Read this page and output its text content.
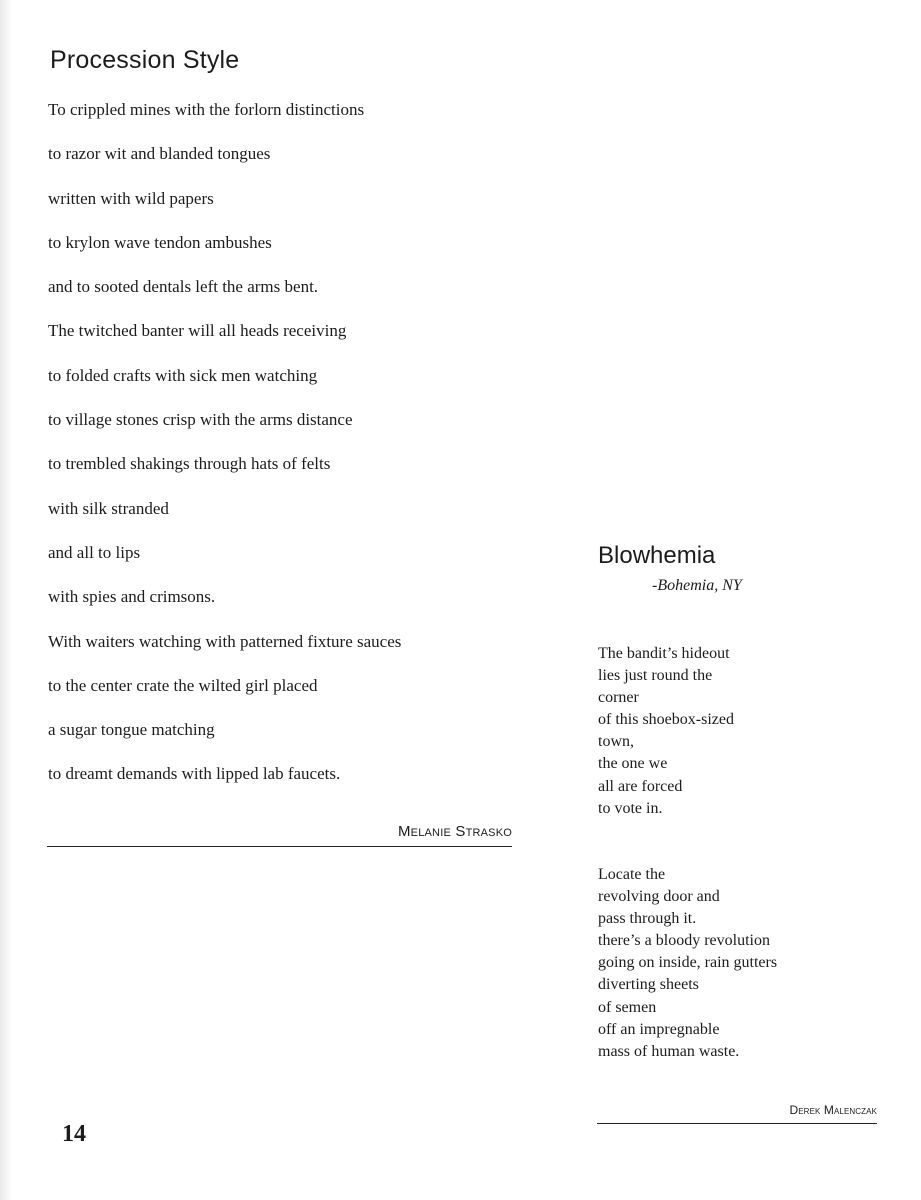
Procession Style
To crippled mines with the forlorn distinctions
to razor wit and blanded tongues
written with wild papers
to krylon wave tendon ambushes
and to sooted dentals left the arms bent.
The twitched banter will all heads receiving
to folded crafts with sick men watching
to village stones crisp with the arms distance
to trembled shakings through hats of felts
with silk stranded
and all to lips
with spies and crimsons.
With waiters watching with patterned fixture sauces
to the center crate the wilted girl placed
a sugar tongue matching
to dreamt demands with lipped lab faucets.
Melanie Strasko
Blowhemia
-Bohemia, NY
The bandit’s hideout
lies just round the
corner
of this shoebox-sized
town,
the one we
all are forced
to vote in.
Locate the
revolving door and
pass through it.
there’s a bloody revolution
going on inside, rain gutters
diverting sheets
of semen
off an impregnable
mass of human waste.
Derek Malenczak
14
